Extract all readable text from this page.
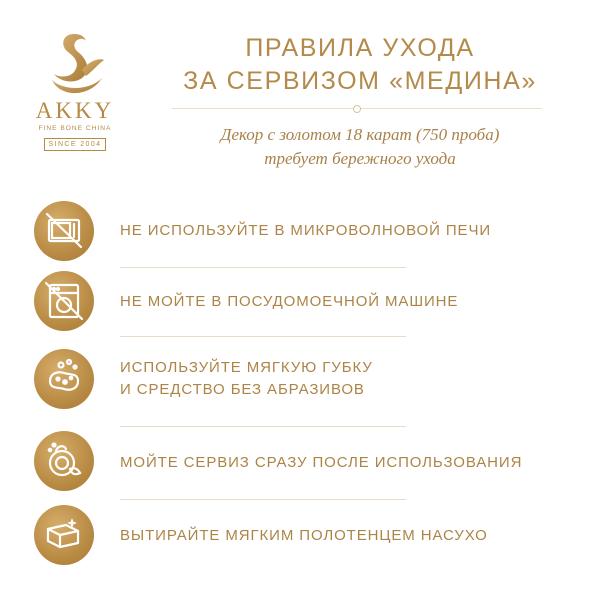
AKKY
FINE BONE CHINA
SINCE 2004
ПРАВИЛА УХОДА
ЗА СЕРВИЗОМ «МЕДИНА»
Декор с золотом 18 карат (750 проба)
требует бережного ухода
НЕ ИСПОЛЬЗУЙТЕ В МИКРОВОЛНОВОЙ ПЕЧИ
НЕ МОЙТЕ В ПОСУДОМОЕЧНОЙ МАШИНЕ
ИСПОЛЬЗУЙТЕ МЯГКУЮ ГУБКУ
И СРЕДСТВО БЕЗ АБРАЗИВОВ
МОЙТЕ СЕРВИЗ СРАЗУ ПОСЛЕ ИСПОЛЬЗОВАНИЯ
ВЫТИРАЙТЕ МЯГКИМ ПОЛОТЕНЦЕМ НАСУХО
